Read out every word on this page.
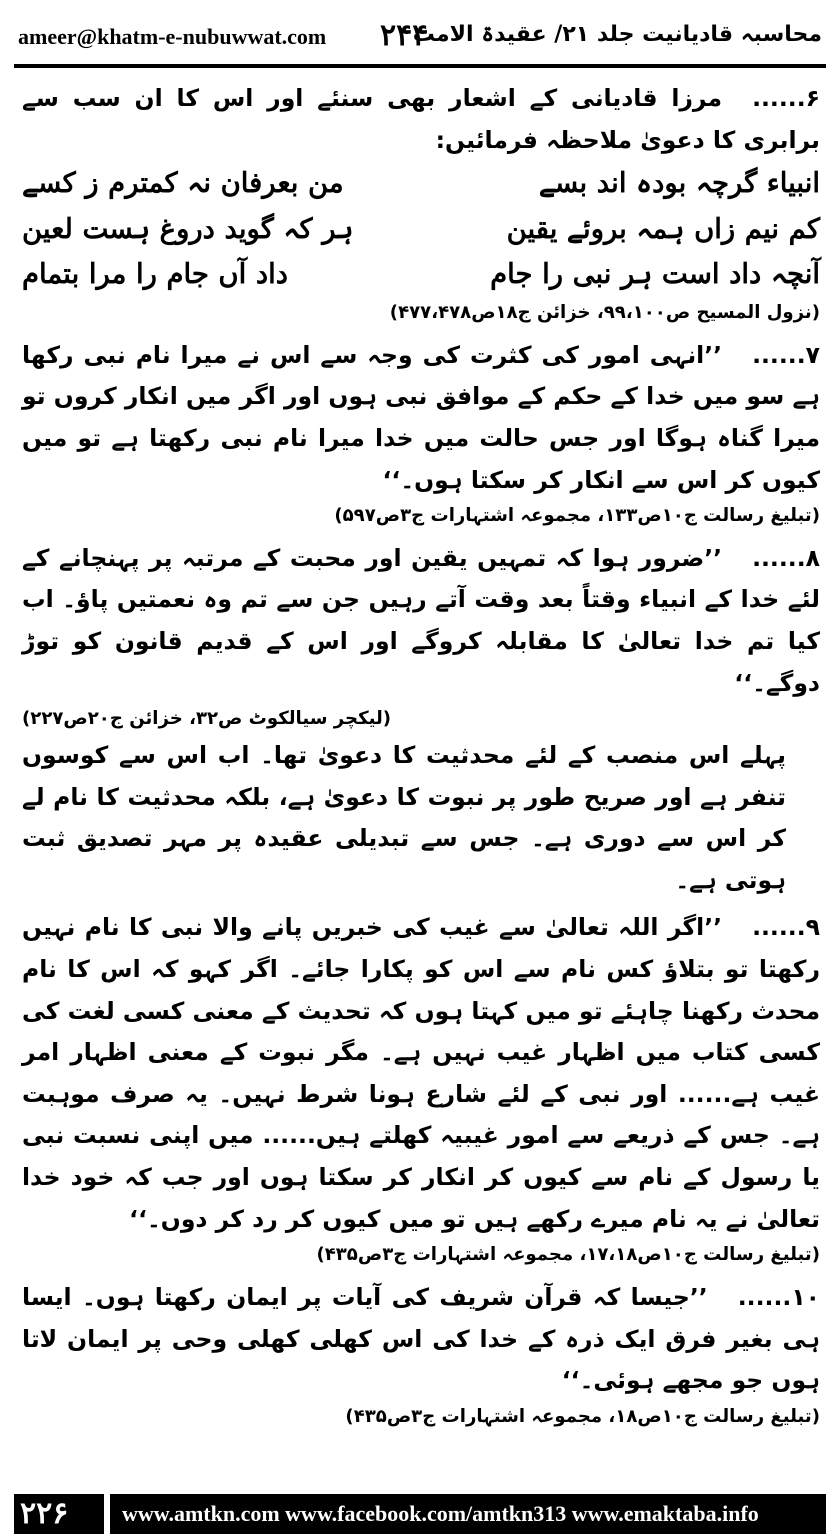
ameer@khatm-e-nubuwwat.com ۲۴۴
محاسبہ قادیانیت جلد ۲۱/ عقیدۃ الامت

۶......مرزا قادیانی کے اشعار بھی سنئے اور اس کا ان سب سے برابری کا دعویٰ ملاحظہ فرمائیں:

انبیاء گرچہ بودہ اند بسے
من بعرفان نہ کمترم ز کسے
کم نیم زاں ہمہ بروئے یقین
ہر کہ گوید دروغ ہست لعین
آنچہ داد است ہر نبی را جام
داد آں جام را مرا بتمام

(نزول المسیح ص۹۹،۱۰۰، خزائن ج۱۸ص۴۷۷،۴۷۸)

۷......’’انہی امور کی کثرت کی وجہ سے اس نے میرا نام نبی رکھا ہے سو میں خدا کے حکم کے موافق نبی ہوں اور اگر میں انکار کروں تو میرا گناہ ہوگا اور جس حالت میں خدا میرا نام نبی رکھتا ہے تو میں کیوں کر اس سے انکار کر سکتا ہوں۔‘‘

(تبلیغ رسالت ج۱۰ص۱۳۳، مجموعہ اشتہارات ج۳ص۵۹۷)

۸......’’ضرور ہوا کہ تمہیں یقین اور محبت کے مرتبہ پر پہنچانے کے لئے خدا کے انبیاء وقتاً بعد وقت آتے رہیں جن سے تم وہ نعمتیں پاؤ۔ اب کیا تم خدا تعالیٰ کا مقابلہ کروگے اور اس کے قدیم قانون کو توڑ دوگے۔‘‘

(لیکچر سیالکوٹ ص۳۲، خزائن ج۲۰ص۲۲۷)

پہلے اس منصب کے لئے محدثیت کا دعویٰ تھا۔ اب اس سے کوسوں تنفر ہے اور صریح طور پر نبوت کا دعویٰ ہے، بلکہ محدثیت کا نام لے کر اس سے دوری ہے۔ جس سے تبدیلی عقیدہ پر مہر تصدیق ثبت ہوتی ہے۔

۹......’’اگر اللہ تعالیٰ سے غیب کی خبریں پانے والا نبی کا نام نہیں رکھتا تو بتلاؤ کس نام سے اس کو پکارا جائے۔ اگر کہو کہ اس کا نام محدث رکھنا چاہئے تو میں کہتا ہوں کہ تحدیث کے معنی کسی لغت کی کسی کتاب میں اظہار غیب نہیں ہے۔ مگر نبوت کے معنی اظہار امر غیب ہے...... اور نبی کے لئے شارع ہونا شرط نہیں۔ یہ صرف موہبت ہے۔ جس کے ذریعے سے امور غیبیہ کھلتے ہیں...... میں اپنی نسبت نبی یا رسول کے نام سے کیوں کر انکار کر سکتا ہوں اور جب کہ خود خدا تعالیٰ نے یہ نام میرے رکھے ہیں تو میں کیوں کر رد کر دوں۔‘‘

(تبلیغ رسالت ج۱۰ص۱۷،۱۸، مجموعہ اشتہارات ج۳ص۴۳۵)

۱۰......’’جیسا کہ قرآن شریف کی آیات پر ایمان رکھتا ہوں۔ ایسا ہی بغیر فرق ایک ذرہ کے خدا کی اس کھلی کھلی وحی پر ایمان لاتا ہوں جو مجھے ہوئی۔‘‘

(تبلیغ رسالت ج۱۰ص۱۸، مجموعہ اشتہارات ج۳ص۴۳۵)

۲۲۶ www.amtkn.com www.facebook.com/amtkn313 www.emaktaba.info
